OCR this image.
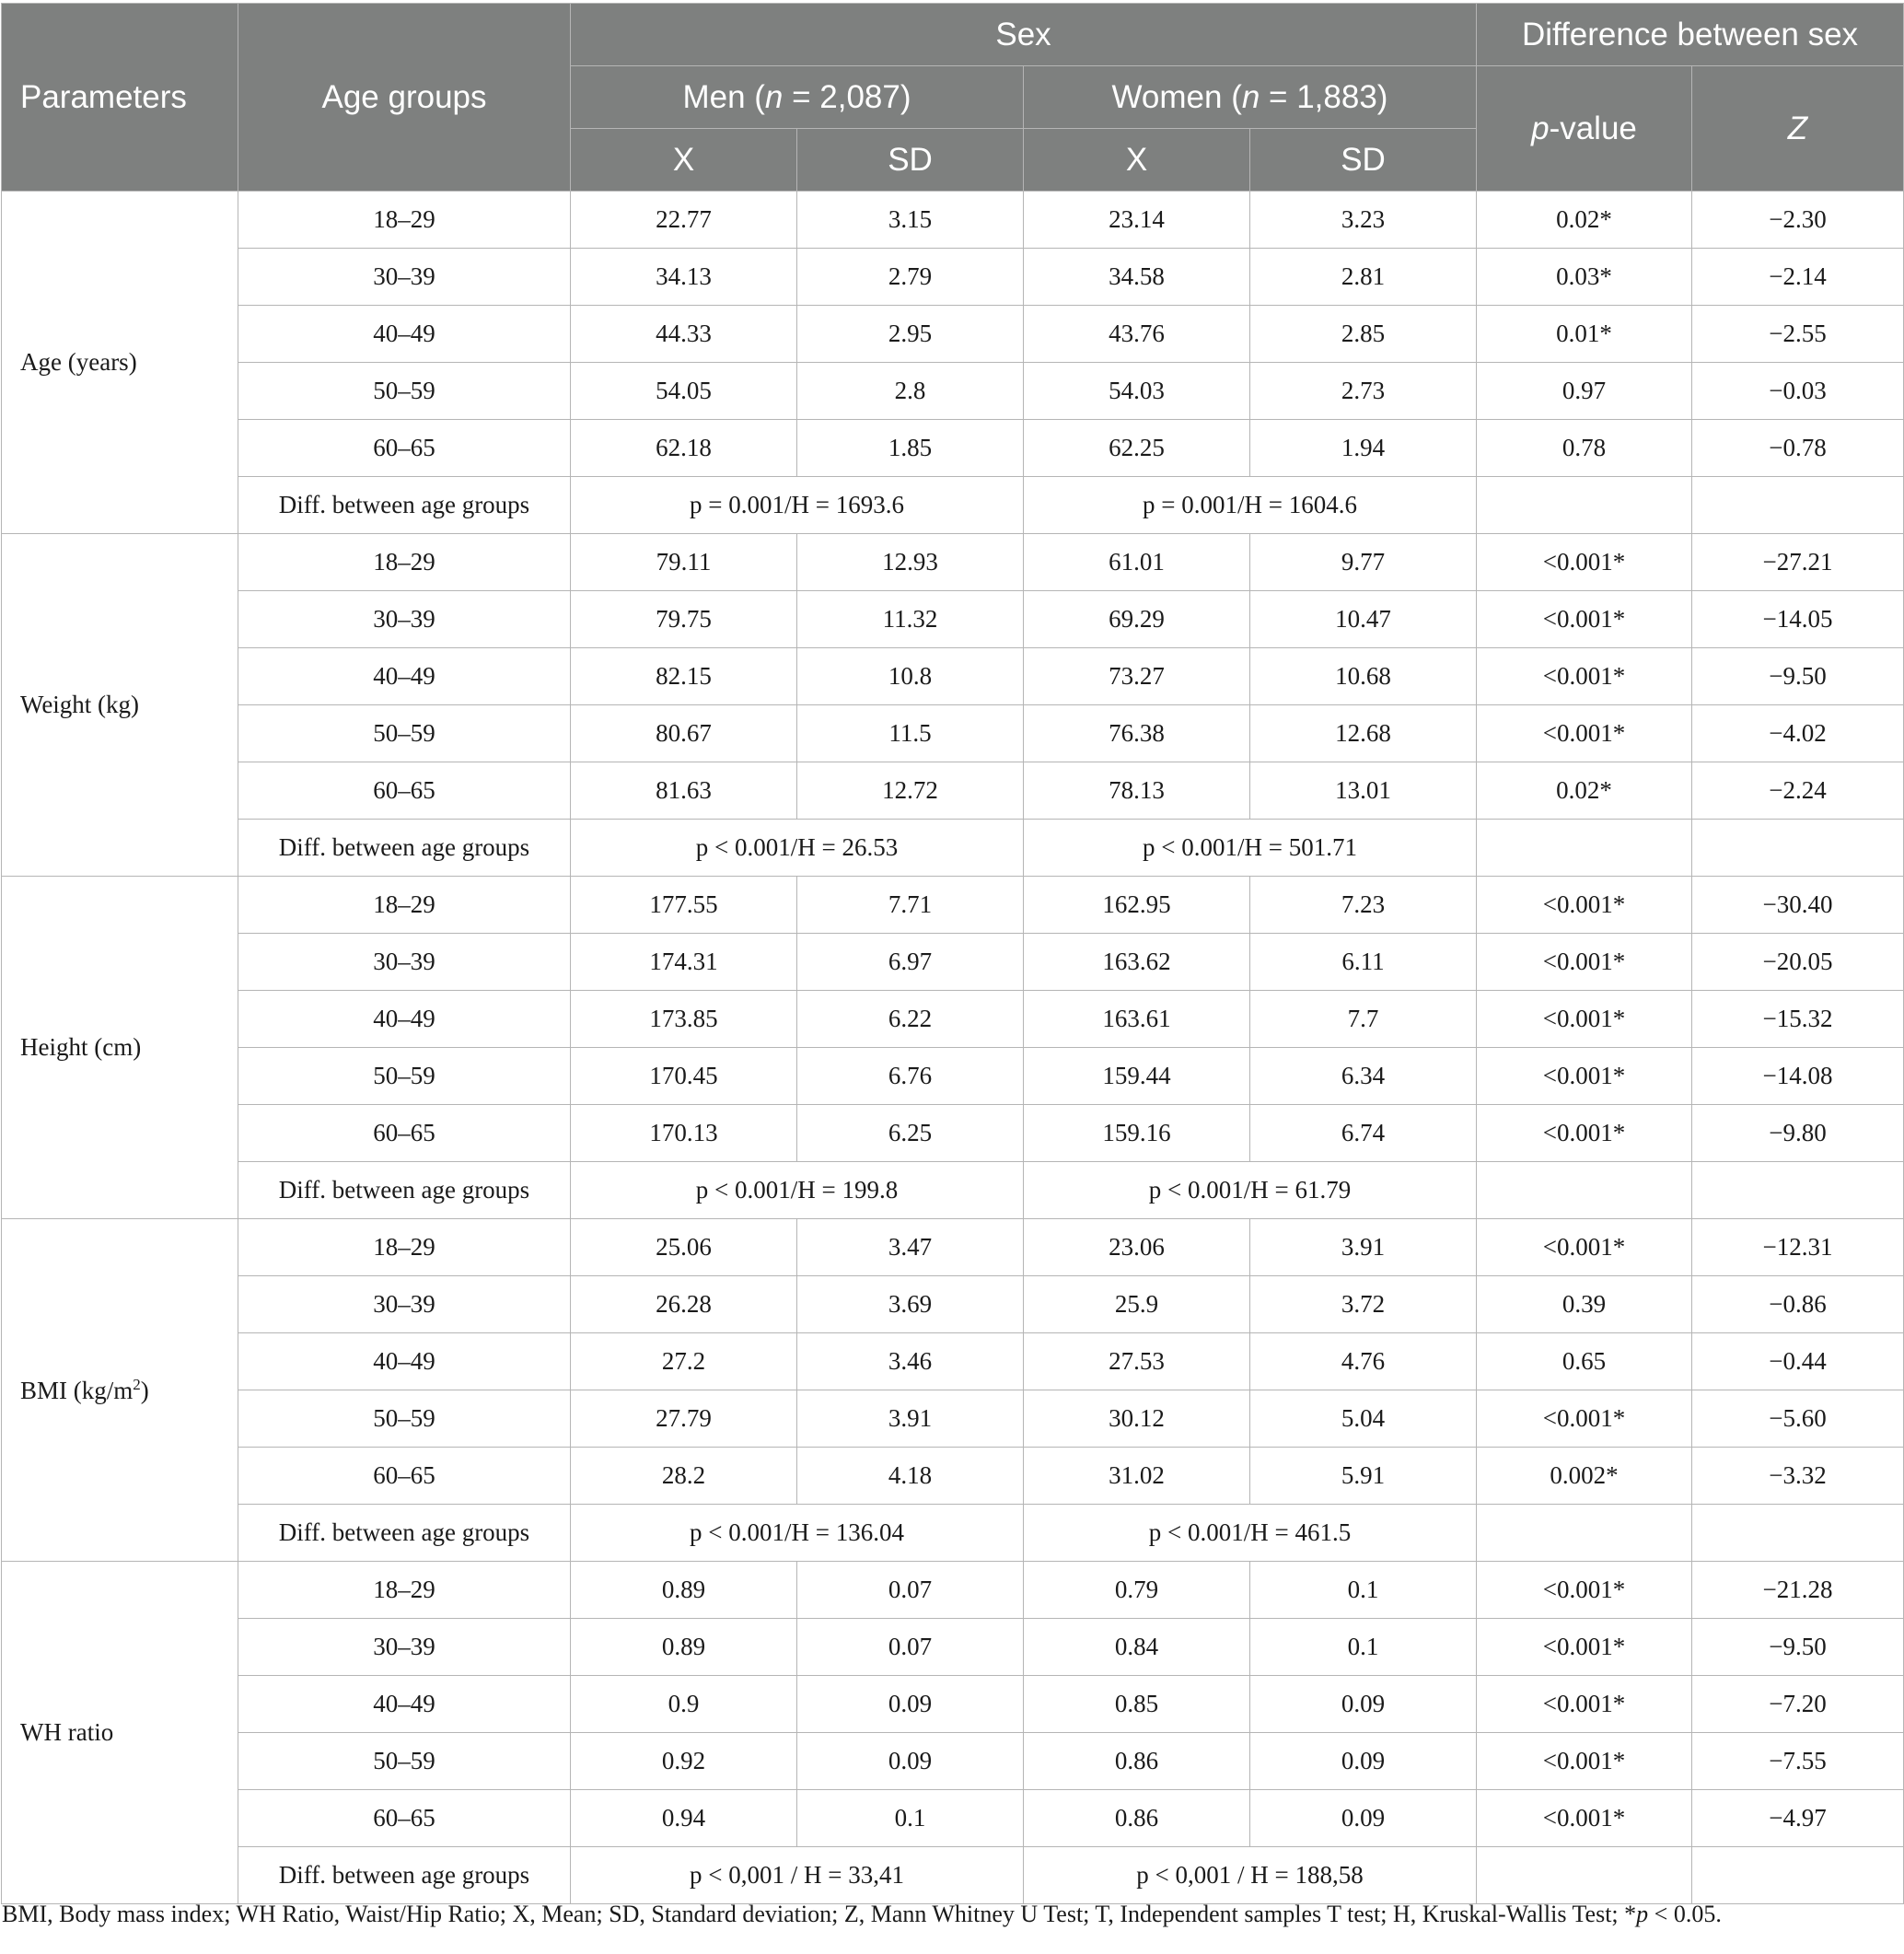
Parameters	Age groups	Sex				Difference between sex	
		Men (n = 2,087)		Women (n = 1,883)		p-value	Z
		X	SD	X	SD		
Age (years)	18–29	22.77	3.15	23.14	3.23	0.02*	−2.30
	30–39	34.13	2.79	34.58	2.81	0.03*	−2.14
	40–49	44.33	2.95	43.76	2.85	0.01*	−2.55
	50–59	54.05	2.8	54.03	2.73	0.97	−0.03
	60–65	62.18	1.85	62.25	1.94	0.78	−0.78
	Diff. between age groups	p = 0.001/H = 1693.6		p = 0.001/H = 1604.6			
Weight (kg)	18–29	79.11	12.93	61.01	9.77	<0.001*	−27.21
	30–39	79.75	11.32	69.29	10.47	<0.001*	−14.05
	40–49	82.15	10.8	73.27	10.68	<0.001*	−9.50
	50–59	80.67	11.5	76.38	12.68	<0.001*	−4.02
	60–65	81.63	12.72	78.13	13.01	0.02*	−2.24
	Diff. between age groups	p < 0.001/H = 26.53		p < 0.001/H = 501.71			
Height (cm)	18–29	177.55	7.71	162.95	7.23	<0.001*	−30.40
	30–39	174.31	6.97	163.62	6.11	<0.001*	−20.05
	40–49	173.85	6.22	163.61	7.7	<0.001*	−15.32
	50–59	170.45	6.76	159.44	6.34	<0.001*	−14.08
	60–65	170.13	6.25	159.16	6.74	<0.001*	−9.80
	Diff. between age groups	p < 0.001/H = 199.8		p < 0.001/H = 61.79			
BMI $(kg/m^2)$	18–29	25.06	3.47	23.06	3.91	<0.001*	−12.31
	30–39	26.28	3.69	25.9	3.72	0.39	−0.86
	40–49	27.2	3.46	27.53	4.76	0.65	−0.44
	50–59	27.79	3.91	30.12	5.04	<0.001*	−5.60
	60–65	28.2	4.18	31.02	5.91	0.002*	−3.32
	Diff. between age groups	p < 0.001/H = 136.04		p < 0.001/H = 461.5			
WH ratio	18–29	0.89	0.07	0.79	0.1	<0.001*	−21.28
	30–39	0.89	0.07	0.84	0.1	<0.001*	−9.50
	40–49	0.9	0.09	0.85	0.09	<0.001*	−7.20
	50–59	0.92	0.09	0.86	0.09	<0.001*	−7.55
	60–65	0.94	0.1	0.86	0.09	<0.001*	−4.97
	Diff. between age groups	p < 0,001 / H = 33,41		p < 0,001 / H = 188,58			
BMI, Body mass index; WH Ratio, Waist/Hip Ratio; X, Mean; SD, Standard deviation; Z, Mann Whitney U Test; T, Independent samples T test; H, Kruskal-Wallis Test; *p < 0.05.
